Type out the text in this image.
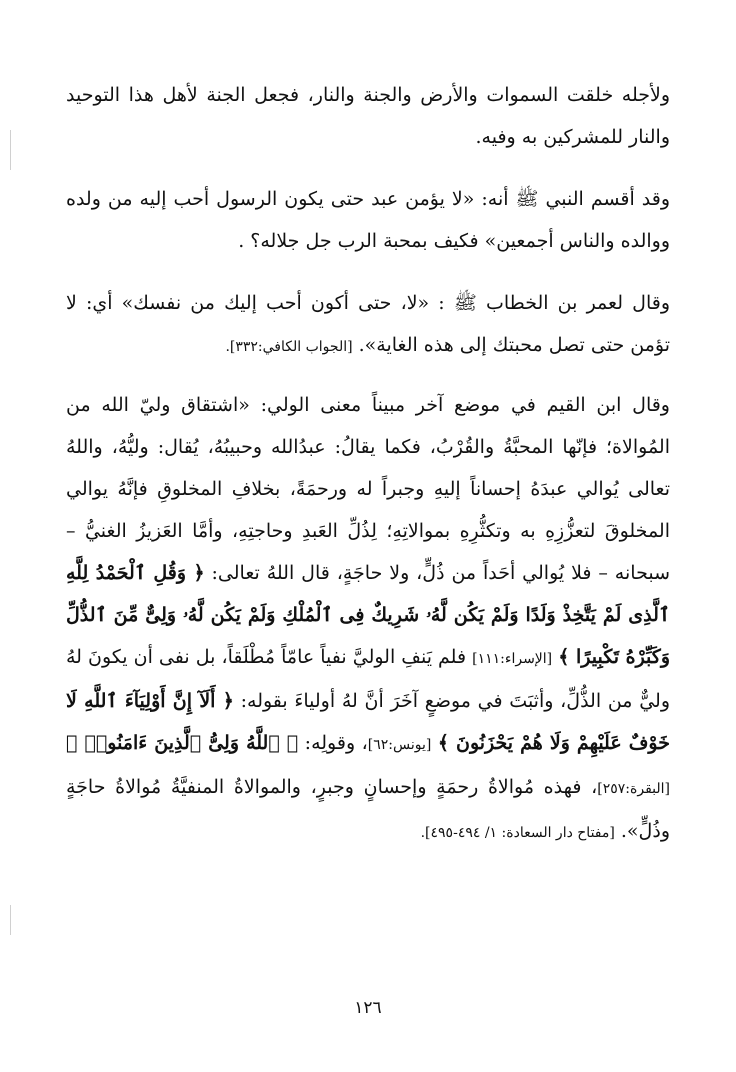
ولأجله خلقت السموات والأرض والجنة والنار، فجعل الجنة لأهل هذا التوحيد والنار للمشركين به وفيه.

وقد أقسم النبي ﷺ أنه: «لا يؤمن عبد حتى يكون الرسول أحب إليه من ولده ووالده والناس أجمعين» فكيف بمحبة الرب جل جلاله؟ .

وقال لعمر بن الخطاب ﷺ : «لا، حتى أكون أحب إليك من نفسك» أي: لا تؤمن حتى تصل محبتك إلى هذه الغاية». [الجواب الكافي:٣٣٢].

وقال ابن القيم في موضع آخر مبيناً معنى الولي: «اشتقاق وليّ الله من المُوالاة؛ فإنّها المحبَّةُ والقُرْبُ، فكما يقالُ: عبدُالله وحبيبُهُ، يُقال: وليُّهُ، واللهُ تعالى يُوالي عبدَهُ إحساناً إليهِ وجبراً له ورحمَةً، بخلافِ المخلوقِ فإنَّهُ يوالي المخلوقَ لتعزُّزِهِ به وتكثُّرِهِ بموالاتِهِ؛ لِذُلِّ العَبدِ وحاجتِهِ، وأمَّا العَزيزُ الغنيُّ – سبحانه – فلا يُوالي أحَداً من ذُلٍّ، ولا حاجَةٍ، قال اللهُ تعالى: ﴿ وَقُلِ ٱلْحَمْدُ لِلَّهِ ٱلَّذِى لَمْ يَتَّخِذْ وَلَدًا وَلَمْ يَكُن لَّهُۥ شَرِيكٌ فِى ٱلْمُلْكِ وَلَمْ يَكُن لَّهُۥ وَلِىٌّ مِّنَ ٱلذُّلِّ وَكَبِّرْهُ تَكْبِيرًا ﴾ [الإسراء:١١١] فلم يَنفِ الوليَّ نفياً عامّاً مُطْلَقاً، بل نفى أن يكونَ لهُ وليٌّ من الذُّلِّ، وأثبَتَ في موضعٍ آخَرَ أنَّ لهُ أولياءَ بقوله: ﴿ أَلَآ إِنَّ أَوْلِيَآءَ ٱللَّهِ لَا خَوْفٌ عَلَيْهِمْ وَلَا هُمْ يَحْزَنُونَ ﴾ [يونس:٦٢]، وقولِه: ﴿ ٱللَّهُ وَلِىُّ ٱلَّذِينَ ءَامَنُوا۟ ﴾ [البقرة:٢٥٧]، فهذه مُوالاةُ رحمَةٍ وإحسانٍ وجبرٍ، والموالاةُ المنفيَّةُ مُوالاةُ حاجَةٍ وذُلٍّ». [مفتاح دار السعادة: ١/ ٤٩٤-٤٩٥].

١٢٦
